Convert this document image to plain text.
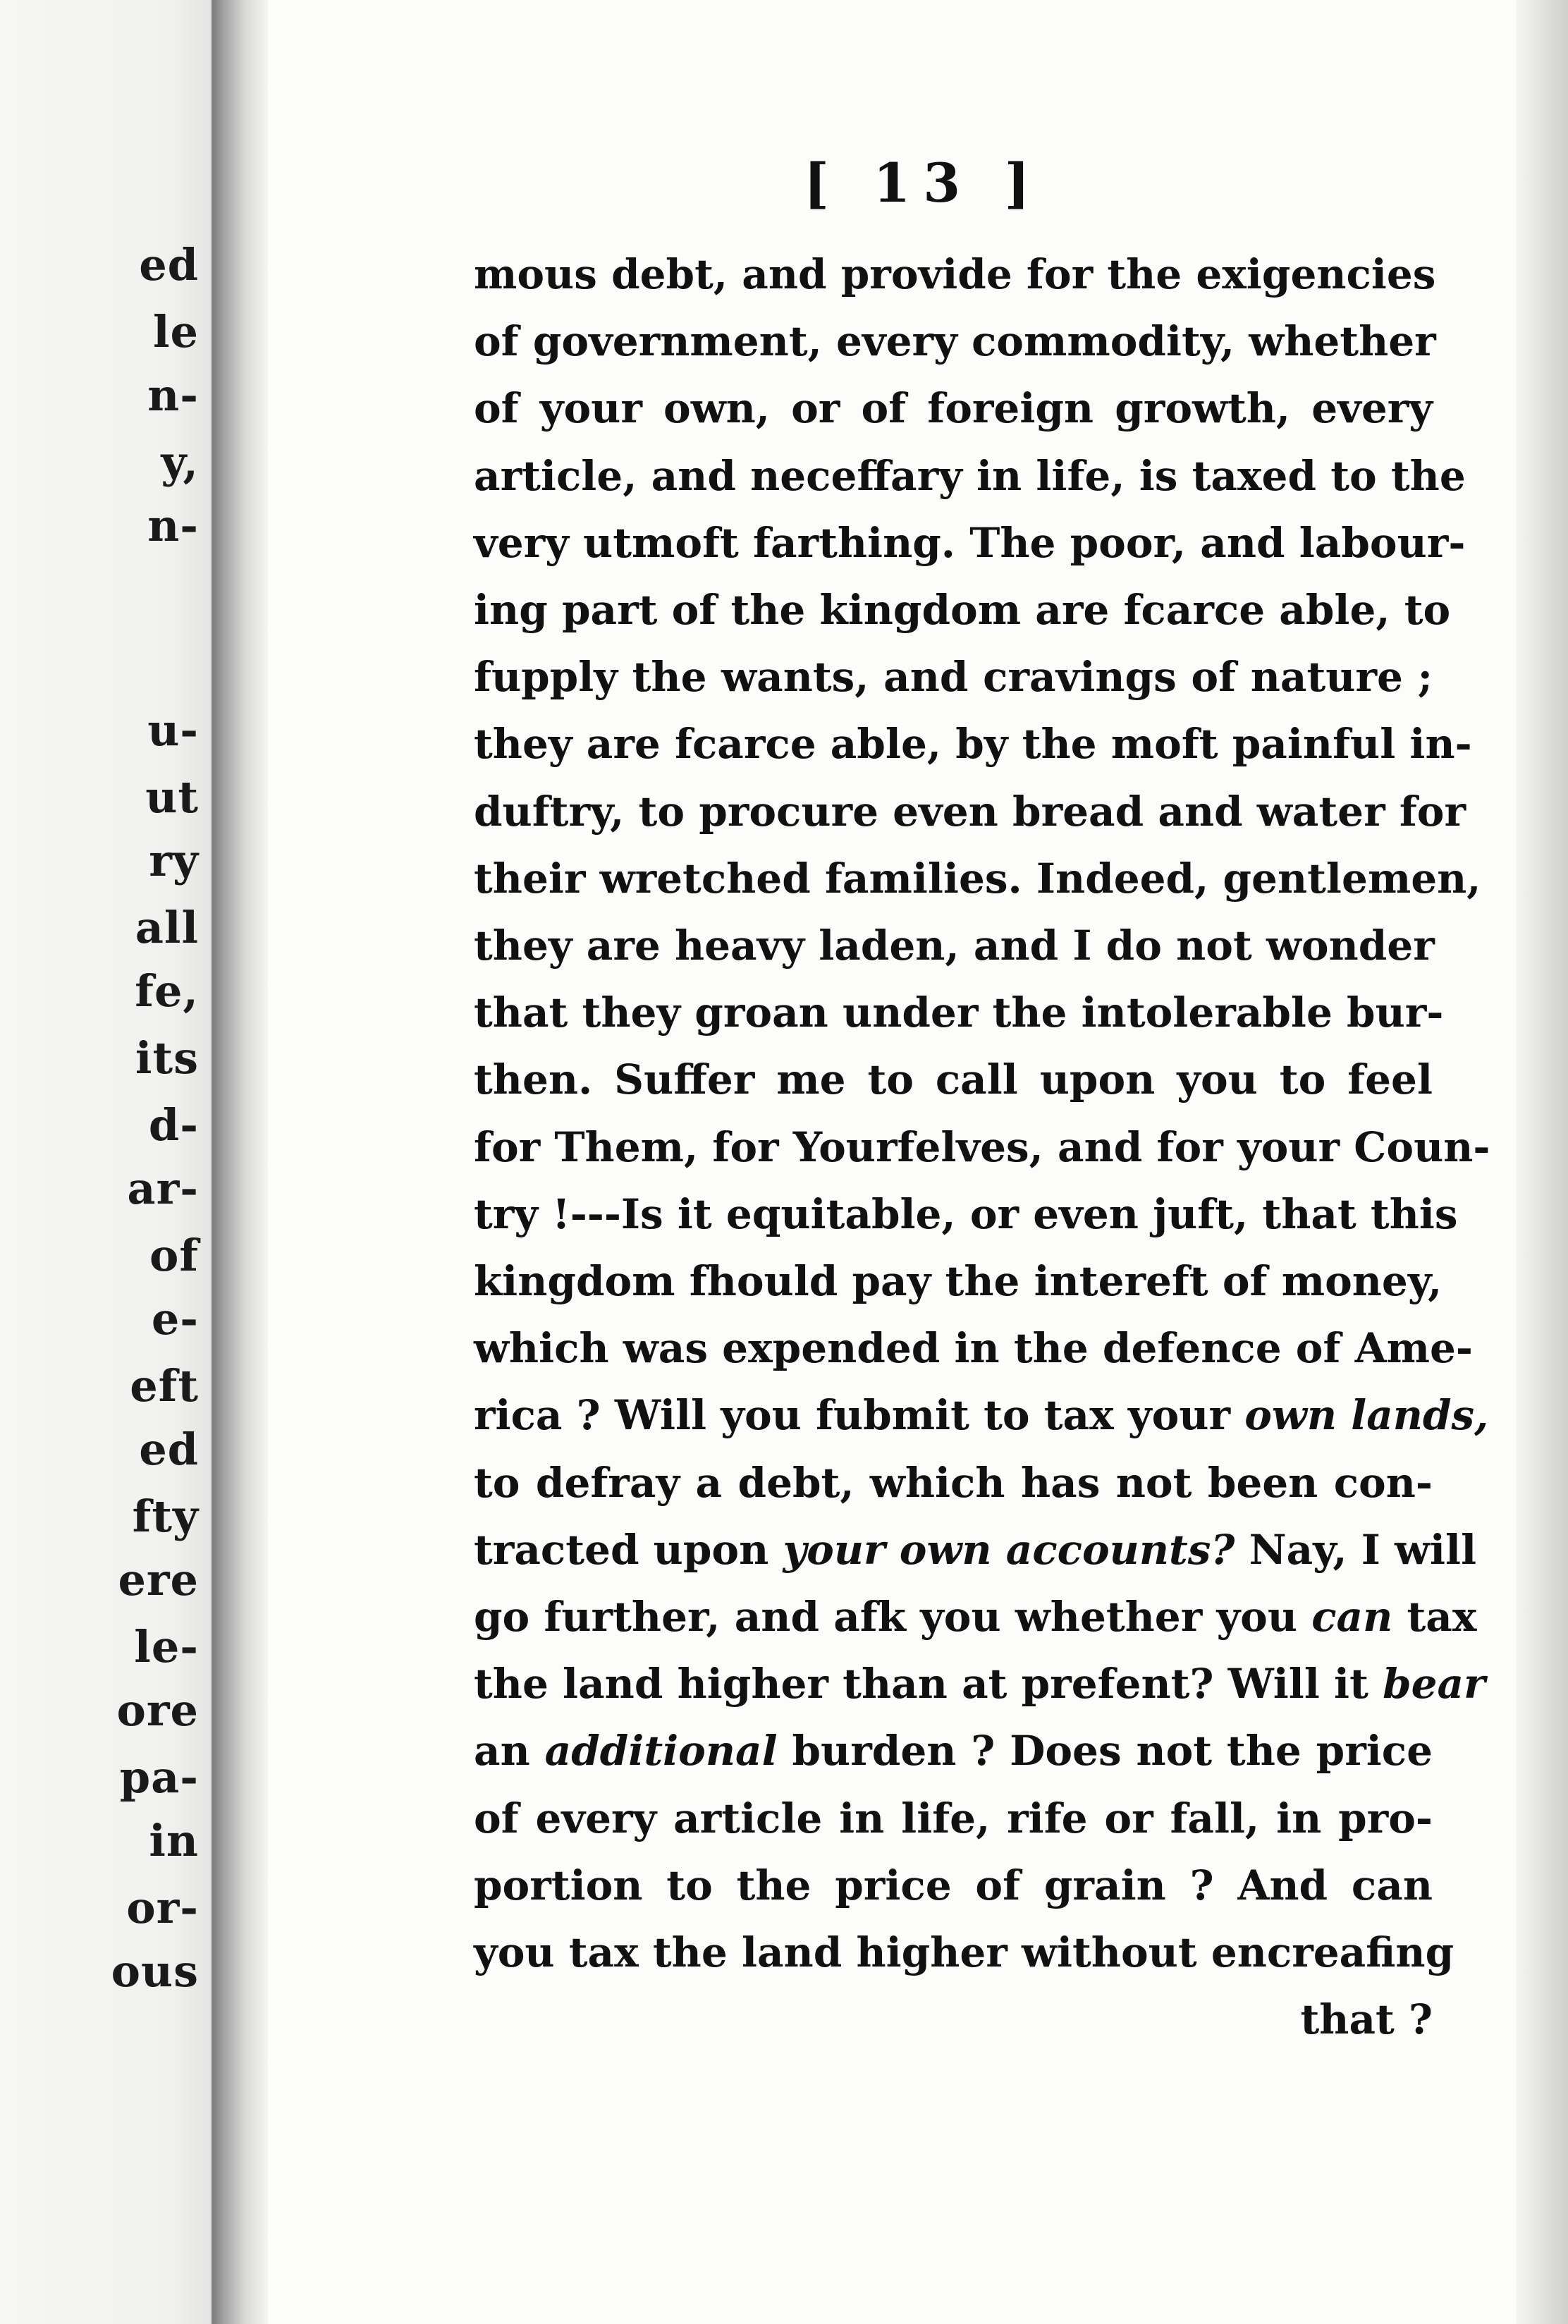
ed
le
n-
y,
n-
u-
ut
ry
all
fe,
its
d-
ar-
of
e-
eft
ed
fty
ere
le-
ore
pa-
in
or-
ous
[ 13 ]
mous debt, and provide for the exigencies
of government, every commodity, whether
of your own, or of foreign growth, every
article, and neceffary in life, is taxed to the
very utmoft farthing. The poor, and labour-
ing part of the kingdom are fcarce able, to
fupply the wants, and cravings of nature ;
they are fcarce able, by the moft painful in-
duftry, to procure even bread and water for
their wretched families. Indeed, gentlemen,
they are heavy laden, and I do not wonder
that they groan under the intolerable bur-
then. Suffer me to call upon you to feel
for Them, for Yourfelves, and for your Coun-
try !---Is it equitable, or even juft, that this
kingdom fhould pay the intereft of money,
which was expended in the defence of Ame-
rica ? Will you fubmit to tax your own lands,
to defray a debt, which has not been con-
tracted upon your own accounts? Nay, I will
go further, and afk you whether you can tax
the land higher than at prefent? Will it bear
an additional burden ? Does not the price
of every article in life, rife or fall, in pro-
portion to the price of grain ? And can
you tax the land higher without encreafing
that ?
